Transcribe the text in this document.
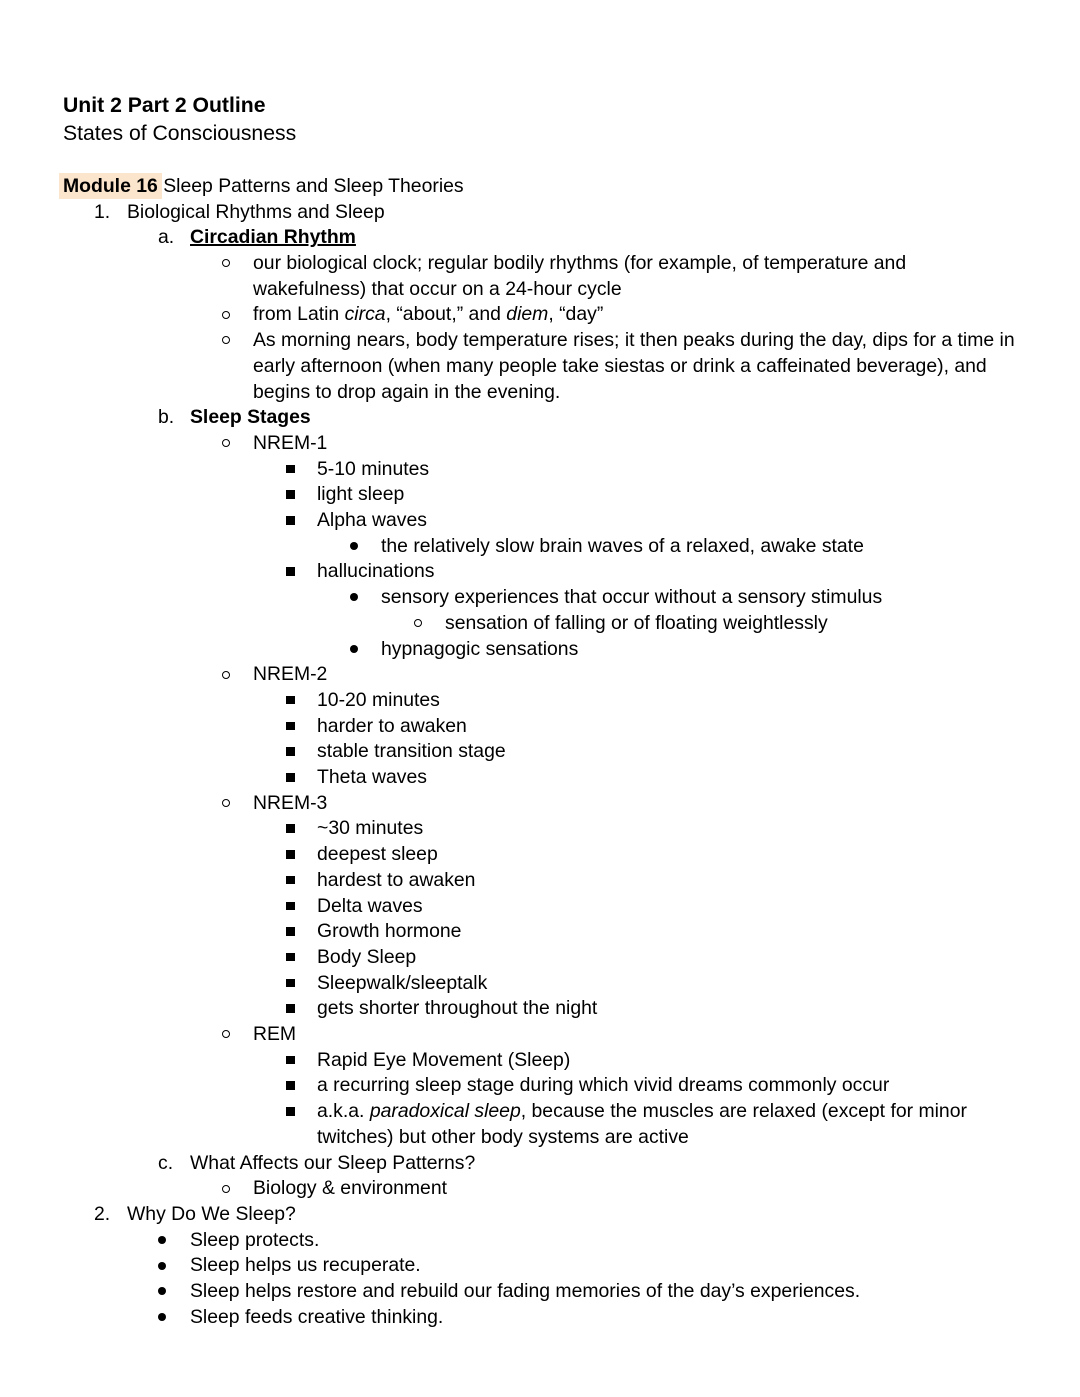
Unit 2 Part 2 Outline

States of Consciousness

Module 16 Sleep Patterns and Sleep Theories

1. Biological Rhythms and Sleep
a. Circadian Rhythm
our biological clock; regular bodily rhythms (for example, of temperature and wakefulness) that occur on a 24-hour cycle
from Latin circa, “about,” and diem, “day”
As morning nears, body temperature rises; it then peaks during the day, dips for a time in early afternoon (when many people take siestas or drink a caffeinated beverage), and begins to drop again in the evening.
b. Sleep Stages
NREM-1
5-10 minutes
light sleep
Alpha waves
the relatively slow brain waves of a relaxed, awake state
hallucinations
sensory experiences that occur without a sensory stimulus
sensation of falling or of floating weightlessly
hypnagogic sensations
NREM-2
10-20 minutes
harder to awaken
stable transition stage
Theta waves
NREM-3
~30 minutes
deepest sleep
hardest to awaken
Delta waves
Growth hormone
Body Sleep
Sleepwalk/sleeptalk
gets shorter throughout the night
REM
Rapid Eye Movement (Sleep)
a recurring sleep stage during which vivid dreams commonly occur
a.k.a. paradoxical sleep, because the muscles are relaxed (except for minor twitches) but other body systems are active
c. What Affects our Sleep Patterns?
Biology & environment
2. Why Do We Sleep?
Sleep protects.
Sleep helps us recuperate.
Sleep helps restore and rebuild our fading memories of the day’s experiences.
Sleep feeds creative thinking.
